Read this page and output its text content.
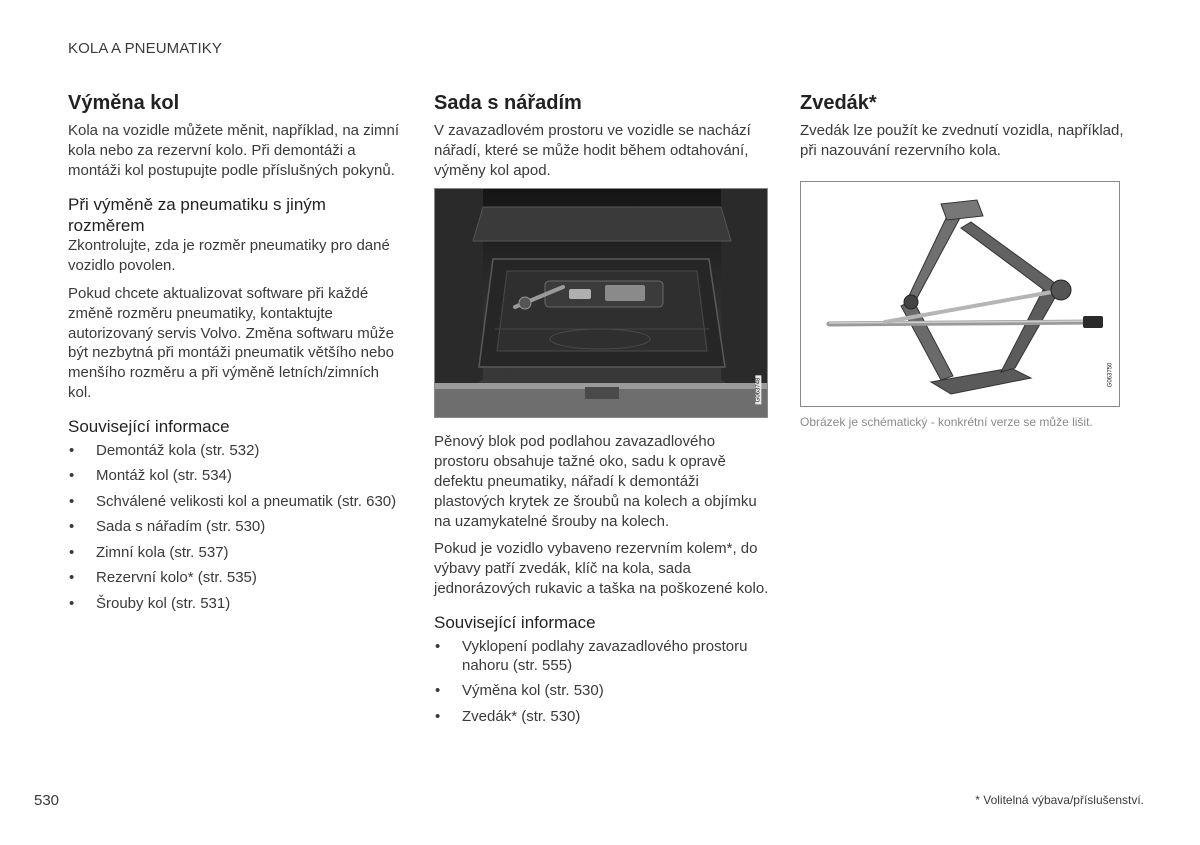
KOLA A PNEUMATIKY
Výměna kol

Kola na vozidle můžete měnit, například, na zimní kola nebo za rezervní kolo. Při demontáži a montáži kol postupujte podle příslušných pokynů.

Při výměně za pneumatiku s jiným rozměrem

Zkontrolujte, zda je rozměr pneumatiky pro dané vozidlo povolen.

Pokud chcete aktualizovat software při každé změně rozměru pneumatiky, kontaktujte autorizovaný servis Volvo. Změna softwaru může být nezbytná při montáži pneumatik většího nebo menšího rozměru a při výměně letních/zimních kol.

Související informace
• Demontáž kola (str. 532)
• Montáž kol (str. 534)
• Schválené velikosti kol a pneumatik (str. 630)
• Sada s nářadím (str. 530)
• Zimní kola (str. 537)
• Rezervní kolo* (str. 535)
• Šrouby kol (str. 531)
Sada s nářadím

V zavazadlovém prostoru ve vozidle se nachází nářadí, které se může hodit během odtahování, výměny kol apod.

G063748

Pěnový blok pod podlahou zavazadlového prostoru obsahuje tažné oko, sadu k opravě defektu pneumatiky, nářadí k demontáži plastových krytek ze šroubů na kolech a objímku na uzamykatelné šrouby na kolech.

Pokud je vozidlo vybaveno rezervním kolem*, do výbavy patří zvedák, klíč na kola, sada jednorázových rukavic a taška na poškozené kolo.

Související informace
• Vyklopení podlahy zavazadlového prostoru nahoru (str. 555)
• Výměna kol (str. 530)
• Zvedák* (str. 530)
Zvedák*

Zvedák lze použít ke zvednutí vozidla, například, při nazouvání rezervního kola.

G063750
Obrázek je schématický - konkrétní verze se může lišit.
530	* Volitelná výbava/příslušenství.
